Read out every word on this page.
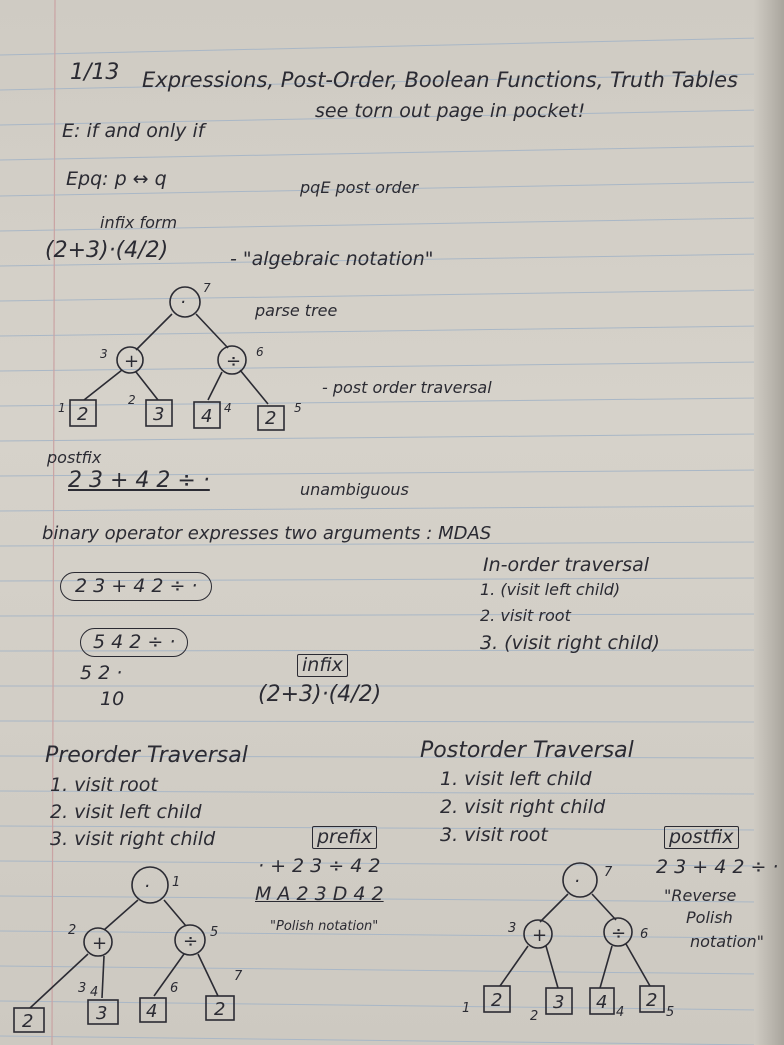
1/13 Expressions, Post-Order, Boolean Functions, Truth Tables
see torn out page in pocket!
E: if and only if
Epq: p ↔ q	pqE post order
infix form
(2+3)·(4/2)	- "algebraic notation"
parse tree
- post order traversal
·
+	÷
2	3 4	2
7
3	6
1
2
4	5
postfix
2 3 + 4 2 ÷ ·	unambiguous
binary operator expresses two arguments : MDAS
2 3 + 4 2 ÷ ·
5 4 2 ÷ ·
5 2 ·
10
infix
(2+3)·(4/2)
In-order traversal
1. (visit left child)
2. visit root
3. (visit right child)
Preorder Traversal
1. visit root
2. visit left child
3. visit right child	prefix
· + 2 3 ÷ 4 2
M A 2 3 D 4 2
"Polish notation"
Postorder Traversal
1. visit left child
2. visit right child
3. visit root	postfix
2 3 + 4 2 ÷ ·
"Reverse
Polish
notation"
·
+	÷
2	3 4	2
·
+	÷
2	3 4 2
1
2	5
3 4	6
7
7
3	6
1
2	4	5
